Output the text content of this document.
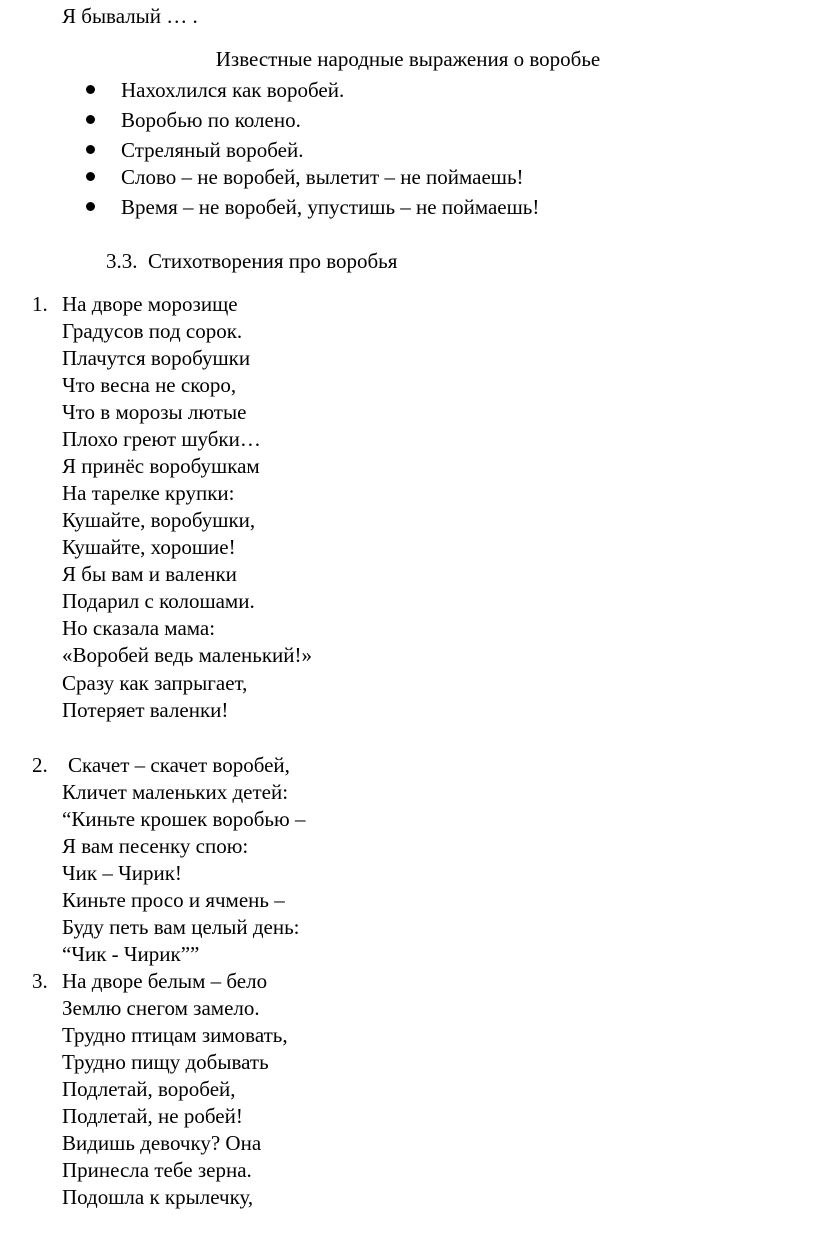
Я бывалый … .
Известные народные выражения о воробье
Нахохлился как воробей.
Воробью по колено.
Стреляный воробей.
Слово – не воробей, вылетит – не поймаешь!
Время – не воробей, упустишь – не поймаешь!
3.3. Стихотворения про воробья
1. На дворе морозище
Градусов под сорок.
Плачутся воробушки
Что весна не скоро,
Что в морозы лютые
Плохо греют шубки…
Я принёс воробушкам
На тарелке крупки:
Кушайте, воробушки,
Кушайте, хорошие!
Я бы вам и валенки
Подарил с колошами.
Но сказала мама:
«Воробей ведь маленький!»
Сразу как запрыгает,
Потеряет валенки!
2. Скачет – скачет воробей,
Кличет маленьких детей:
“Киньте крошек воробью –
Я вам песенку спою:
Чик – Чирик!
Киньте просо и ячмень –
Буду петь вам целый день:
“Чик - Чирик””
3. На дворе белым – бело
Землю снегом замело.
Трудно птицам зимовать,
Трудно пищу добывать
Подлетай, воробей,
Подлетай, не робей!
Видишь девочку? Она
Принесла тебе зерна.
Подошла к крылечку,
